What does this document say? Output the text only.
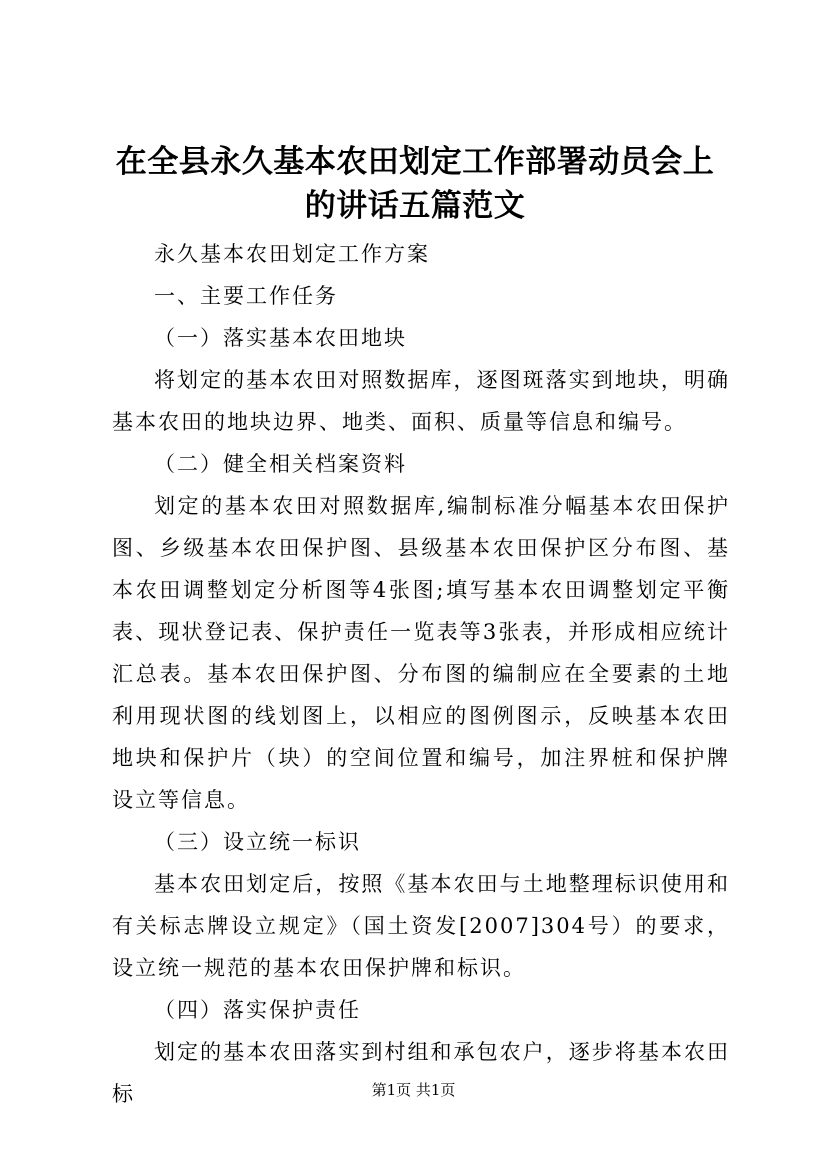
在全县永久基本农田划定工作部署动员会上的讲话五篇范文

永久基本农田划定工作方案

一、主要工作任务

（一）落实基本农田地块

将划定的基本农田对照数据库，逐图斑落实到地块，明确基本农田的地块边界、地类、面积、质量等信息和编号。

（二）健全相关档案资料

划定的基本农田对照数据库,编制标准分幅基本农田保护图、乡级基本农田保护图、县级基本农田保护区分布图、基本农田调整划定分析图等4张图;填写基本农田调整划定平衡表、现状登记表、保护责任一览表等3张表，并形成相应统计汇总表。基本农田保护图、分布图的编制应在全要素的土地利用现状图的线划图上，以相应的图例图示，反映基本农田地块和保护片（块）的空间位置和编号，加注界桩和保护牌设立等信息。

（三）设立统一标识

基本农田划定后，按照《基本农田与土地整理标识使用和有关标志牌设立规定》（国土资发[2007]304号）的要求，设立统一规范的基本农田保护牌和标识。

（四）落实保护责任

划定的基本农田落实到村组和承包农户，逐步将基本农田标	第1页 共1页
